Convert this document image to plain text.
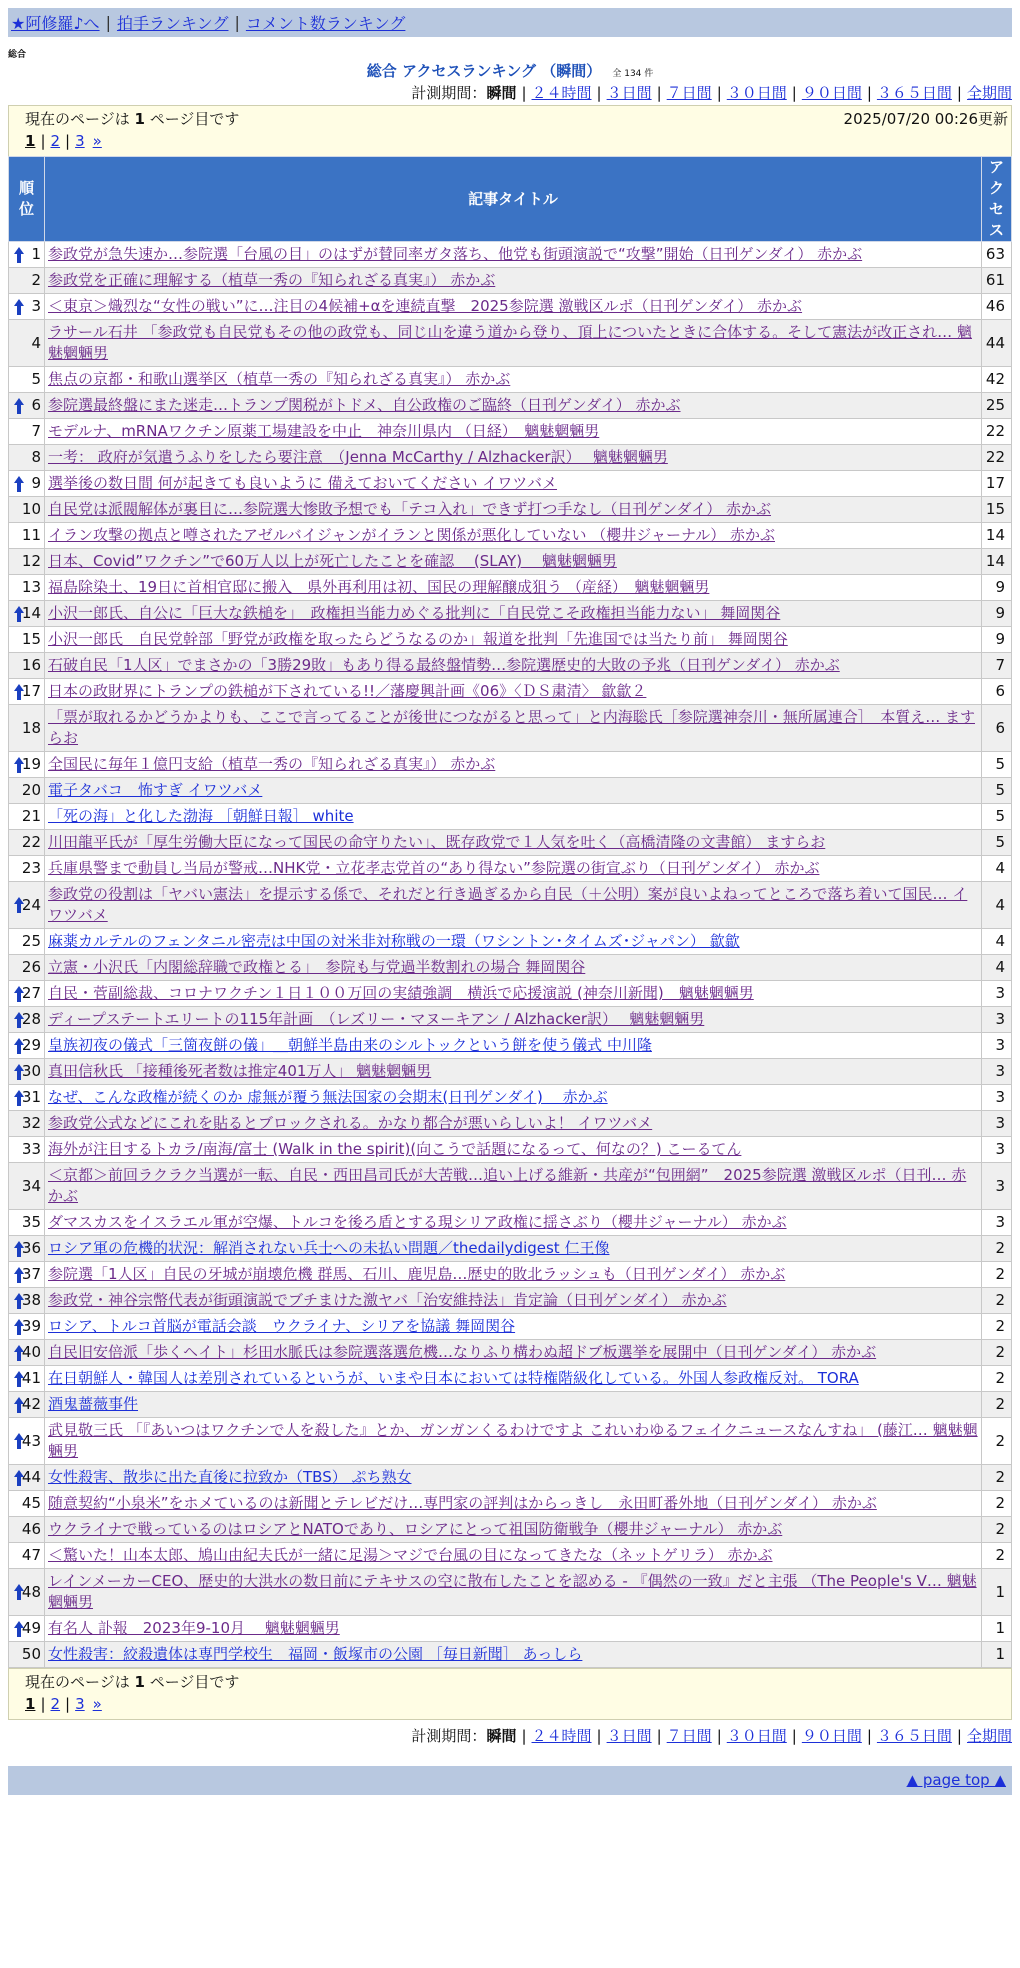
★阿修羅♪へ | 拍手ランキング | コメント数ランキング
総合
総合 アクセスランキング （瞬間） 全 134 件
計測期間：瞬間 | ２４時間 | ３日間 | ７日間 | ３０日間 | ９０日間 | ３６５日間 | 全期間
現在のページは 1 ページ目です	2025/07/20 00:26更新
1 | 2 | 3 »
順位	記事タイトル	アクセス

1	参政党が急失速か…参院選「台風の目」のはずが賛同率ガタ落ち、他党も街頭演説で“攻撃”開始（日刊ゲンダイ） 赤かぶ	63
2	参政党を正確に理解する（植草一秀の『知られざる真実』） 赤かぶ	61

3	＜東京＞熾烈な“女性の戦い”に…注目の4候補+αを連続直撃　2025参院選 激戦区ルポ（日刊ゲンダイ） 赤かぶ	46
4	ラサール石井 「参政党も自民党もその他の政党も、同じ山を違う道から登り、頂上についたときに合体する。そして憲法が改正され… 魑魅魍魎男	44
5	焦点の京都・和歌山選挙区（植草一秀の『知られざる真実』） 赤かぶ	42

6	参院選最終盤にまた迷走…トランプ関税がトドメ、自公政権のご臨終（日刊ゲンダイ） 赤かぶ	25
7	モデルナ、mRNAワクチン原薬工場建設を中止　神奈川県内 （日経）　魑魅魍魎男	22
8	一考： 政府が気遣うふりをしたら要注意　（Jenna McCarthy / Alzhacker訳）　 魑魅魍魎男	22

9	選挙後の数日間 何が起きても良いように 備えておいてください イワツバメ	17
10	自民党は派閥解体が裏目に…参院選大惨敗予想でも「テコ入れ」できず打つ手なし（日刊ゲンダイ） 赤かぶ	15
11	イラン攻撃の拠点と噂されたアゼルバイジャンがイランと関係が悪化していない （櫻井ジャーナル） 赤かぶ	14
12	日本、Covid”ワクチン”で60万人以上が死亡したことを確認　 (SLAY)　 魑魅魍魎男	14
13	福島除染土、19日に首相官邸に搬入　県外再利用は初、国民の理解醸成狙う （産経）　魑魅魍魎男	9

14	小沢一郎氏、自公に「巨大な鉄槌を」　政権担当能力めぐる批判に「自民党こそ政権担当能力ない」 舞岡関谷	9
15	小沢一郎氏　自民党幹部「野党が政権を取ったらどうなるのか」報道を批判「先進国では当たり前」 舞岡関谷	9
16	石破自民「1人区」でまさかの「3勝29敗」もあり得る最終盤情勢…参院選歴史的大敗の予兆（日刊ゲンダイ） 赤かぶ	7

17	日本の政財界にトランプの鉄槌が下されている!!／藩慶興計画《06》〈ＤＳ粛清〉 歙歙２	6
18	「票が取れるかどうかよりも、ここで言ってることが後世につながると思って」と内海聡氏［参院選神奈川・無所属連合］　本質え… ますらお	6

19	全国民に毎年１億円支給（植草一秀の『知られざる真実』） 赤かぶ	5
20	電子タバコ　怖すぎ イワツバメ	5
21	「死の海」と化した渤海 ［朝鮮日報］ white	5
22	川田龍平氏が「厚生労働大臣になって国民の命守りたい」、既存政党で１人気を吐く（高橋清隆の文書館） ますらお	5
23	兵庫県警まで動員し当局が警戒…NHK党・立花孝志党首の“あり得ない”参院選の街宣ぶり（日刊ゲンダイ） 赤かぶ	4

24	参政党の役割は「ヤバい憲法」を提示する係で、それだと行き過ぎるから自民（＋公明）案が良いよねってところで落ち着いて国民… イワツバメ	4
25	麻薬カルテルのフェンタニル密売は中国の対米非対称戦の一環（ワシントン･タイムズ･ジャパン） 歙歙	4
26	立憲・小沢氏「内閣総辞職で政権とる」　参院も与党過半数割れの場合 舞岡関谷	4

27	自民・菅副総裁、コロナワクチン１日１００万回の実績強調　横浜で応援演説 (神奈川新聞)　魑魅魍魎男	3

28	ディープステートエリートの115年計画　（レズリー・マヌーキアン / Alzhacker訳）　 魑魅魍魎男	3

29	皇族初夜の儀式「三箇夜餅の儀」＿朝鮮半島由来のシルトックという餅を使う儀式 中川隆	3

30	真田信秋氏 「接種後死者数は推定401万人」 魑魅魍魎男	3

31	なぜ、こんな政権が続くのか 虚無が覆う無法国家の会期末(日刊ゲンダイ)　 赤かぶ	3
32	参政党公式などにこれを貼るとブロックされる。かなり都合が悪いらしいよ！ イワツバメ	3
33	海外が注目するトカラ/南海/富士 (Walk in the spirit)(向こうで話題になるって、何なの？) こーるてん	3
34	＜京都＞前回ラクラク当選が一転、自民・西田昌司氏が大苦戦…追い上げる維新・共産が“包囲網”　2025参院選 激戦区ルポ（日刊… 赤かぶ	3
35	ダマスカスをイスラエル軍が空爆、トルコを後ろ盾とする現シリア政権に揺さぶり（櫻井ジャーナル） 赤かぶ	3

36	ロシア軍の危機的状況：解消されない兵士への未払い問題／thedailydigest 仁王像	2

37	参院選「1人区」自民の牙城が崩壊危機 群馬、石川、鹿児島…歴史的敗北ラッシュも（日刊ゲンダイ） 赤かぶ	2

38	参政党・神谷宗幣代表が街頭演説でブチまけた激ヤバ「治安維持法」肯定論（日刊ゲンダイ） 赤かぶ	2

39	ロシア、トルコ首脳が電話会談　ウクライナ、シリアを協議 舞岡関谷	2

40	自民旧安倍派「歩くヘイト」杉田水脈氏は参院選落選危機…なりふり構わぬ超ドブ板選挙を展開中（日刊ゲンダイ） 赤かぶ	2

41	在日朝鮮人・韓国人は差別されているというが、いまや日本においては特権階級化している。外国人参政権反対。 TORA	2

42	酒鬼薔薇事件	2

43	武見敬三氏 「『あいつはワクチンで人を殺した』とか、ガンガンくるわけですよ これいわゆるフェイクニュースなんすね」 (藤江… 魑魅魍魎男	2

44	女性殺害、散歩に出た直後に拉致か（TBS） ぷち熟女	2
45	随意契約“小泉米”をホメているのは新聞とテレビだけ…専門家の評判はからっきし　永田町番外地（日刊ゲンダイ） 赤かぶ	2
46	ウクライナで戦っているのはロシアとNATOであり、ロシアにとって祖国防衛戦争（櫻井ジャーナル） 赤かぶ	2
47	＜驚いた！山本太郎、鳩山由紀夫氏が一緒に足湯＞マジで台風の目になってきたな（ネットゲリラ） 赤かぶ	2

48	レインメーカーCEO、歴史的大洪水の数日前にテキサスの空に散布したことを認める - 『偶然の一致』だと主張 （The People's V… 魑魅魍魎男	1

49	有名人 訃報　2023年9-10月　 魑魅魍魎男	1
50	女性殺害：絞殺遺体は専門学校生　福岡・飯塚市の公園 ［毎日新聞］ あっしら	1
現在のページは 1 ページ目です
1 | 2 | 3 »
計測期間：瞬間 | ２４時間 | ３日間 | ７日間 | ３０日間 | ９０日間 | ３６５日間 | 全期間
▲ page top ▲
